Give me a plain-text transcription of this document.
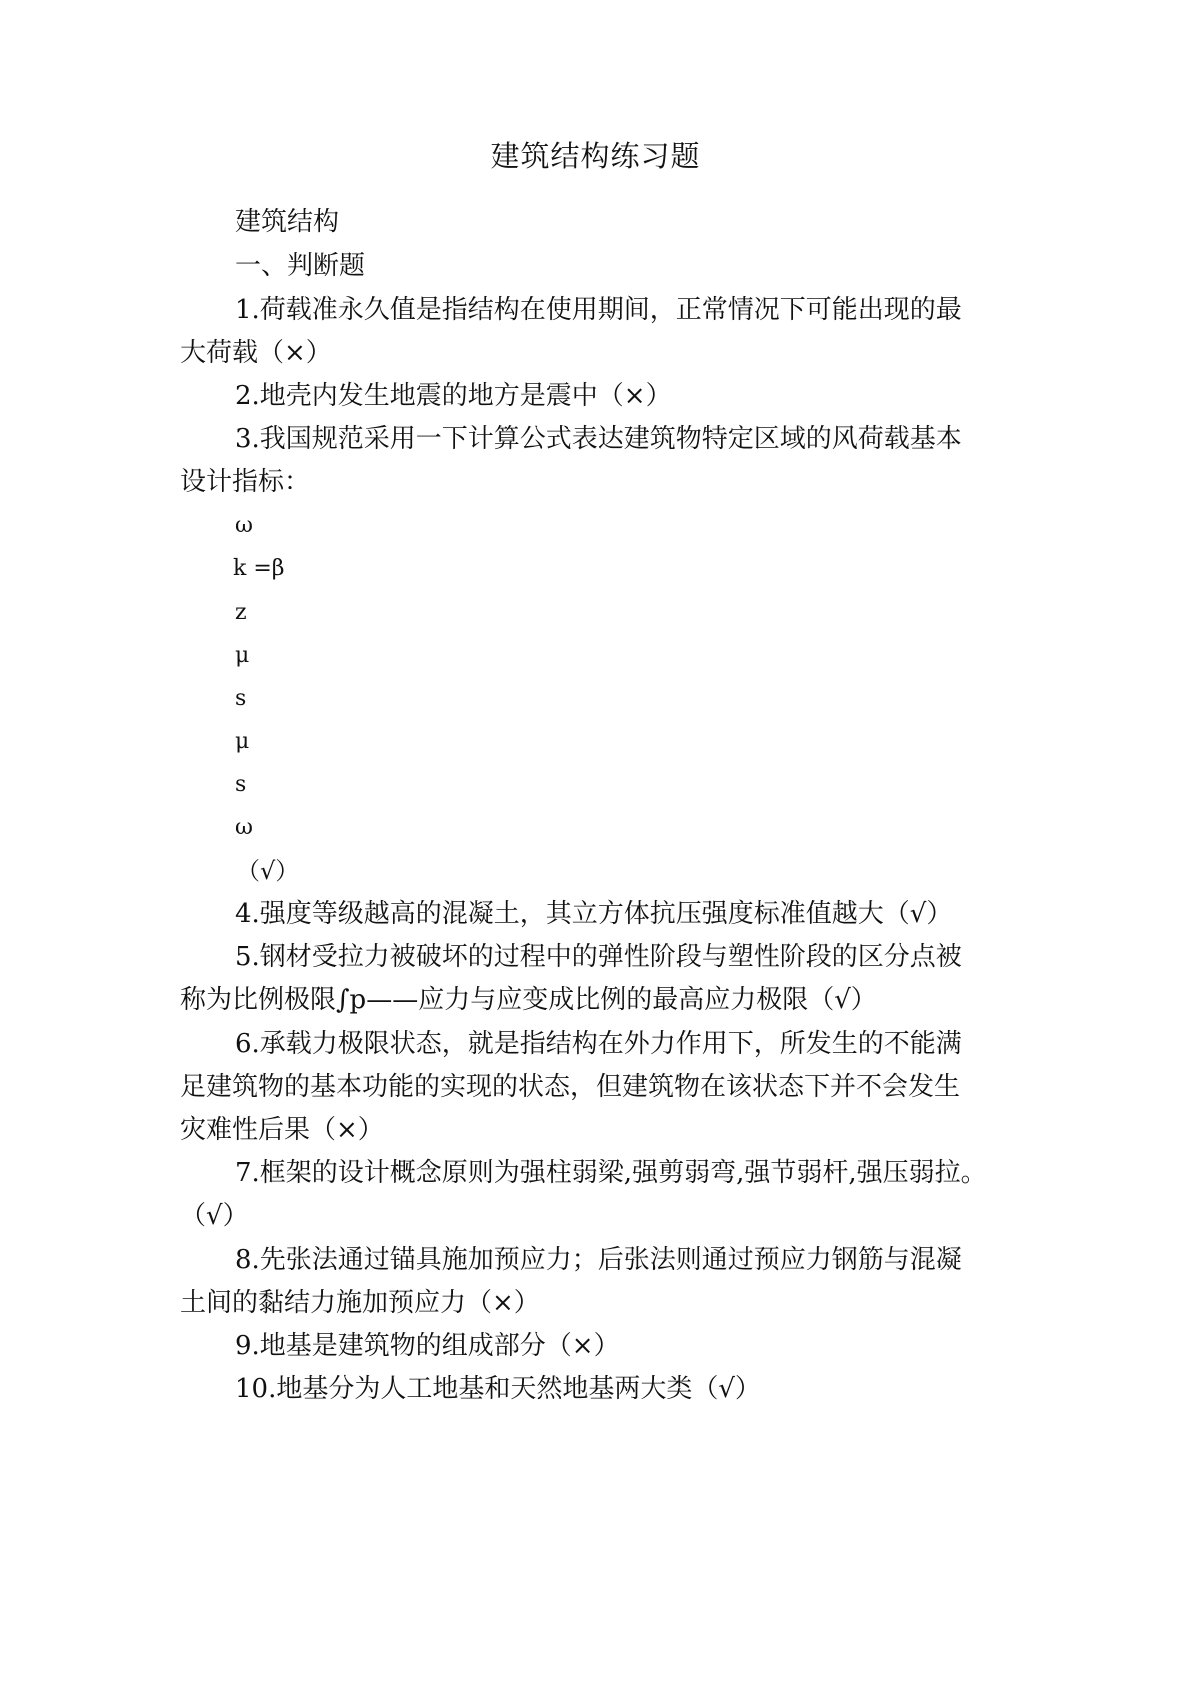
建筑结构练习题
建筑结构
一、判断题
1.荷载准永久值是指结构在使用期间，正常情况下可能出现的最
大荷载（×）
2.地壳内发生地震的地方是震中（×）
3.我国规范采用一下计算公式表达建筑物特定区域的风荷载基本
设计指标：
ω
k =β
z
μ
s
μ
s
ω
（√）
4.强度等级越高的混凝土，其立方体抗压强度标准值越大（√）
5.钢材受拉力被破坏的过程中的弹性阶段与塑性阶段的区分点被
称为比例极限∫p——应力与应变成比例的最高应力极限（√）
6.承载力极限状态，就是指结构在外力作用下，所发生的不能满
足建筑物的基本功能的实现的状态，但建筑物在该状态下并不会发生
灾难性后果（×）
7.框架的设计概念原则为强柱弱梁,强剪弱弯,强节弱杆,强压弱拉。
（√）
8.先张法通过锚具施加预应力；后张法则通过预应力钢筋与混凝
土间的黏结力施加预应力（×）
9.地基是建筑物的组成部分（×）
10.地基分为人工地基和天然地基两大类（√）
